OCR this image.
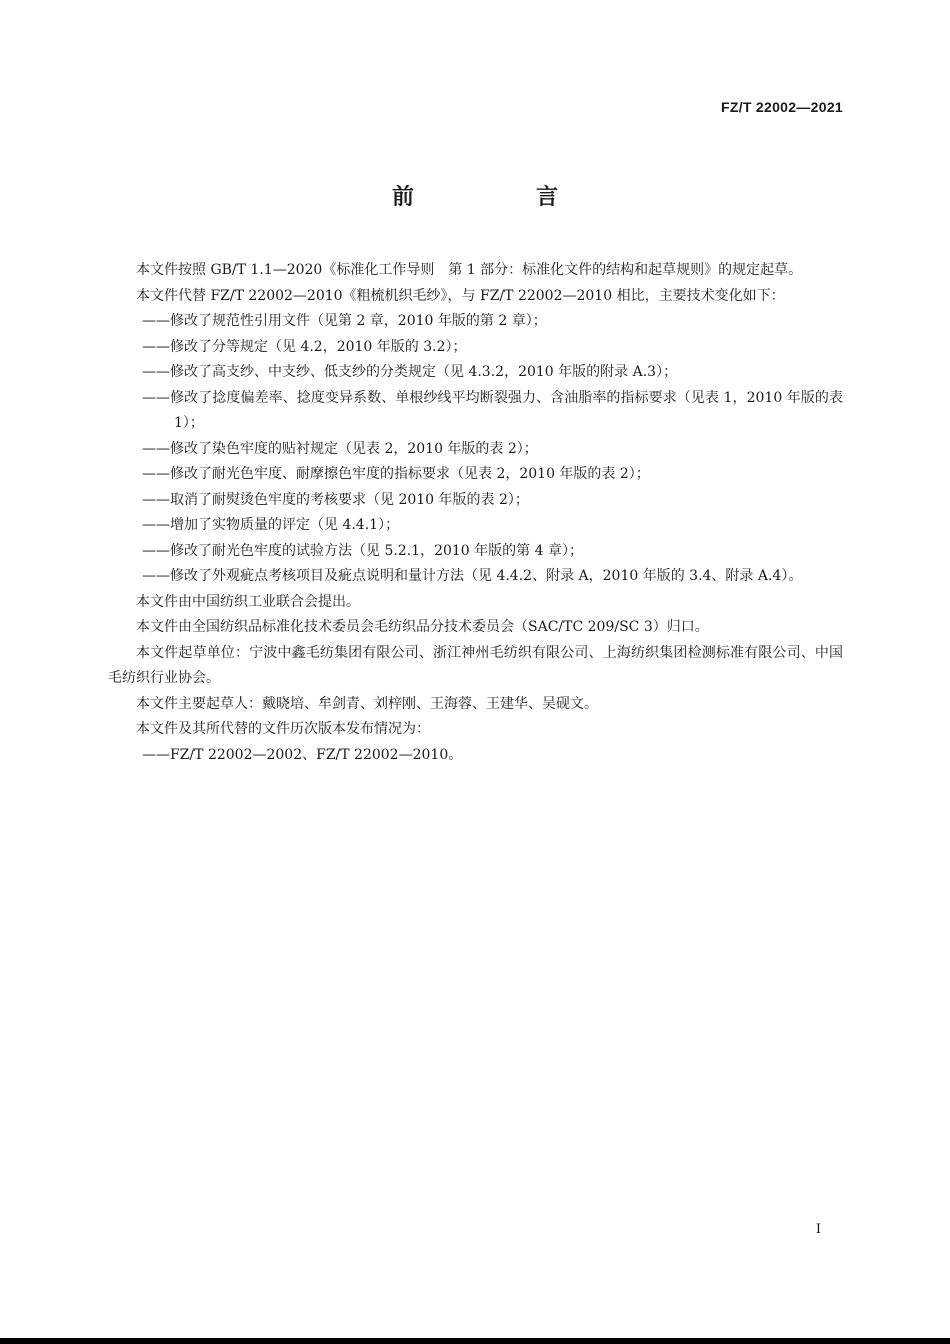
FZ/T 22002—2021
前　言

本文件按照 GB/T 1.1—2020《标准化工作导则　第 1 部分：标准化文件的结构和起草规则》的规定起草。

本文件代替 FZ/T 22002—2010《粗梳机织毛纱》，与 FZ/T 22002—2010 相比，主要技术变化如下：

——修改了规范性引用文件（见第 2 章，2010 年版的第 2 章）；
——修改了分等规定（见 4.2，2010 年版的 3.2）；
——修改了高支纱、中支纱、低支纱的分类规定（见 4.3.2，2010 年版的附录 A.3）；
——修改了捻度偏差率、捻度变异系数、单根纱线平均断裂强力、含油脂率的指标要求（见表 1，2010 年版的表 1）；
——修改了染色牢度的贴衬规定（见表 2，2010 年版的表 2）；
——修改了耐光色牢度、耐摩擦色牢度的指标要求（见表 2，2010 年版的表 2）；
——取消了耐熨烫色牢度的考核要求（见 2010 年版的表 2）；
——增加了实物质量的评定（见 4.4.1）；
——修改了耐光色牢度的试验方法（见 5.2.1，2010 年版的第 4 章）；
——修改了外观疵点考核项目及疵点说明和量计方法（见 4.4.2、附录 A，2010 年版的 3.4、附录 A.4）。

本文件由中国纺织工业联合会提出。

本文件由全国纺织品标准化技术委员会毛纺织品分技术委员会（SAC/TC 209/SC 3）归口。

本文件起草单位：宁波中鑫毛纺集团有限公司、浙江神州毛纺织有限公司、上海纺织集团检测标准有限公司、中国毛纺织行业协会。

本文件主要起草人：戴晓培、牟剑青、刘梓刚、王海蓉、王建华、吴砚文。

本文件及其所代替的文件历次版本发布情况为：

——FZ/T 22002—2002、FZ/T 22002—2010。
I
